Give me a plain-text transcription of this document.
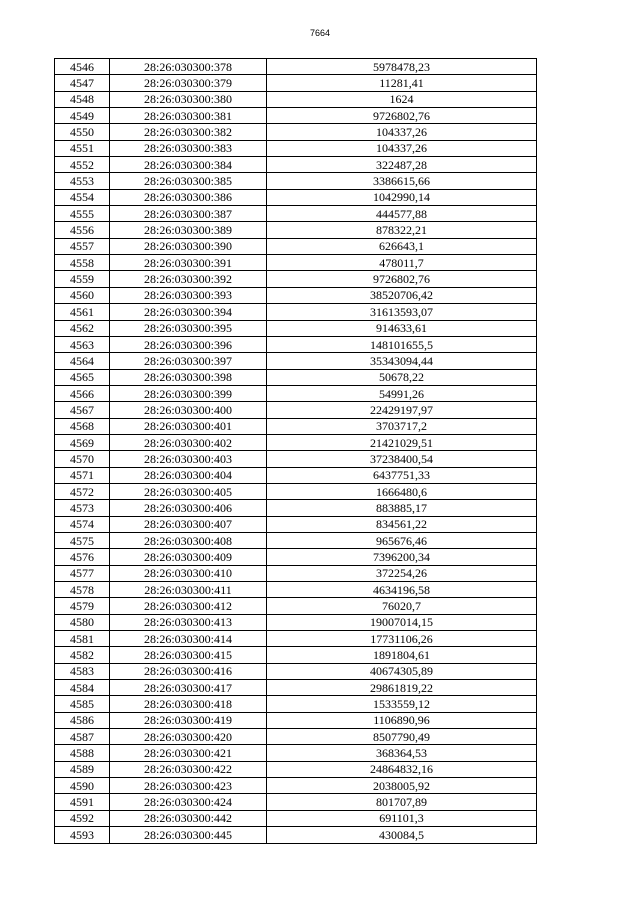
7664
4546	28:26:030300:378	5978478,23
4547	28:26:030300:379	11281,41
4548	28:26:030300:380	1624
4549	28:26:030300:381	9726802,76
4550	28:26:030300:382	104337,26
4551	28:26:030300:383	104337,26
4552	28:26:030300:384	322487,28
4553	28:26:030300:385	3386615,66
4554	28:26:030300:386	1042990,14
4555	28:26:030300:387	444577,88
4556	28:26:030300:389	878322,21
4557	28:26:030300:390	626643,1
4558	28:26:030300:391	478011,7
4559	28:26:030300:392	9726802,76
4560	28:26:030300:393	38520706,42
4561	28:26:030300:394	31613593,07
4562	28:26:030300:395	914633,61
4563	28:26:030300:396	148101655,5
4564	28:26:030300:397	35343094,44
4565	28:26:030300:398	50678,22
4566	28:26:030300:399	54991,26
4567	28:26:030300:400	22429197,97
4568	28:26:030300:401	3703717,2
4569	28:26:030300:402	21421029,51
4570	28:26:030300:403	37238400,54
4571	28:26:030300:404	6437751,33
4572	28:26:030300:405	1666480,6
4573	28:26:030300:406	883885,17
4574	28:26:030300:407	834561,22
4575	28:26:030300:408	965676,46
4576	28:26:030300:409	7396200,34
4577	28:26:030300:410	372254,26
4578	28:26:030300:411	4634196,58
4579	28:26:030300:412	76020,7
4580	28:26:030300:413	19007014,15
4581	28:26:030300:414	17731106,26
4582	28:26:030300:415	1891804,61
4583	28:26:030300:416	40674305,89
4584	28:26:030300:417	29861819,22
4585	28:26:030300:418	1533559,12
4586	28:26:030300:419	1106890,96
4587	28:26:030300:420	8507790,49
4588	28:26:030300:421	368364,53
4589	28:26:030300:422	24864832,16
4590	28:26:030300:423	2038005,92
4591	28:26:030300:424	801707,89
4592	28:26:030300:442	691101,3
4593	28:26:030300:445	430084,5
